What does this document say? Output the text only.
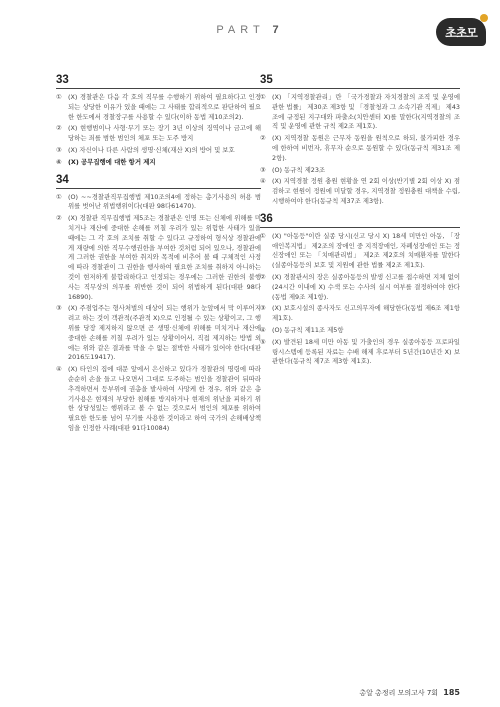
PART 7	초초모
33
① (X) 경찰관은 다음 각 호의 직무를 수행하기 위하여 필요하다고 인정되는 상당한 이유가 있을 때에는 그 사태를 합리적으로 판단하여 필요한 한도에서 경찰장구를 사용할 수 있다(이하 동법 제10조의2).
② (X) 현행범이나 사형·무기 또는 장기 3년 이상의 징역이나 금고에 해당하는 죄를 범한 범인의 체포 또는 도주 방지
③ (X) 자신이나 다른 사람의 생명·신체(재산 X)의 방어 및 보호
④	(X) 공무집행에 대한 항거 제지
34
① (O) ~~경찰관직무집행법 제10조의4에 정하는 총기사용의 허용 범위를 벗어난 위법행위이다(대판 98다61470).
② (X) 경찰관 직무집행법 제5조는 경찰관은 인명 또는 신체에 위해를 미치거나 재산에 중대한 손해를 끼칠 우려가 있는 위험한 사태가 있을 때에는 그 각 호의 조치를 취할 수 있다고 규정하여 형식상 경찰관에게 재량에 의한 직무수행권한을 부여한 것처럼 되어 있으나, 경찰관에게 그러한 권한을 부여한 취지와 목적에 비추어 볼 때 구체적인 사정에 따라 경찰관이 그 권한을 행사하여 필요한 조치를 취하지 아니하는 것이 현저하게 불합리하다고 인정되는 경우에는 그러한 권한의 불행사는 직무상의 의무를 위반한 것이 되어 위법하게 된다(대판 98다16890).
③ (X) 주점업주는 형사처벌의 대상이 되는 행위가 눈앞에서 막 이루어지려고 하는 것이 객관적(주관적 X)으로 인정될 수 있는 상황이고, 그 행위를 당장 제지하지 않으면 곧 생명·신체에 위해를 미치거나 재산에 중대한 손해를 끼칠 우려가 있는 상황이어서, 직접 제지하는 방법 외에는 위와 같은 결과를 막을 수 없는 절박한 사태가 있어야 한다(대판 2016도19417).
④ (X) 타인의 집에 대문 앞에서 은신하고 있다가 경찰관의 명령에 따라 순순히 손을 들고 나오면서 그대로 도주하는 범인을 경찰관이 뒤따라 추격하면서 등부위에 권총을 발사하여 사망케 한 경우, 위와 같은 총기사용은 현재의 부당한 침해를 방지하거나 현재의 위난을 피하기 위한 상당성있는 행위라고 볼 수 없는 것으로서 범인의 체포를 위하여 필요한 한도를 넘어 무기를 사용한 것이라고 하여 국가의 손해배상책임을 인정한 사례(대판 91다10084)
35
① (X) 「지역경찰관리」란 「국가경찰과 자치경찰의 조직 및 운영에 관한 법률」 제30조 제3항 및 「경찰청과 그 소속기관 직제」 제43조에 규정된 지구대와 파출소(치안센터 X)를 말한다(지역경찰의 조직 및 운영에 관한 규칙 제2조 제1호).
② (X) 지역경찰 동원은 근무자 동원을 원칙으로 하되, 불가피한 경우에 한하여 비번자, 휴무자 순으로 동원할 수 있다(동규칙 제31조 제2항).
③ (O) 동규칙 제23조
④ (X) 지역경찰 정원 충원 현황을 연 2회 이상(반기별 2회 이상 X) 점검하고 현원이 정원에 미달할 경우, 지역경찰 정원충원 대책을 수립, 시행하여야 한다(동규칙 제37조 제3항).
36
① (X) "아동등"이란 실종 당시(신고 당시 X) 18세 미만인 아동, 「장애인복지법」 제2조의 장애인 중 지적장애인, 자폐성장애인 또는 정신장애인 또는 「치매관리법」 제2조 제2호의 치매환자를 말한다(실종아동등의 보호 및 지원에 관한 법률 제2조 제1호).
② (X) 경찰관서의 장은 실종아동등의 발생 신고를 접수하면 지체 없이(24시간 이내에 X) 수색 또는 수사의 실시 여부를 결정하여야 한다(동법 제9조 제1항).
③ (X) 보호시설의 종사자도 신고의무자에 해당한다(동법 제6조 제1항 제1호).
④ (O) 동규칙 제11조 제5항
⑤ (X) 발견된 18세 미만 아동 및 가출인의 경우 실종아동등 프로파일링시스템에 등록된 자료는 수배 해제 후로부터 5년간(10년간 X) 보관한다(동규칙 제7조 제3항 제1호).
총알 총정리 모의고사 7회 185
